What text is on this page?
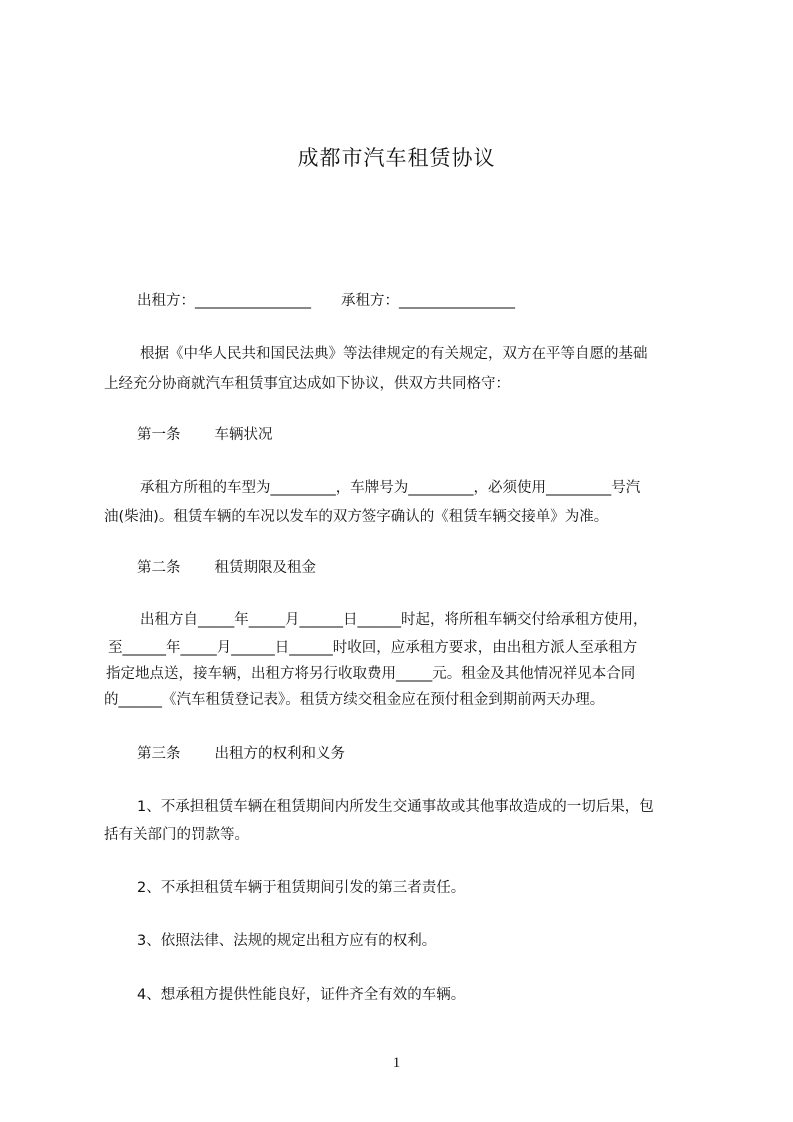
成都市汽车租赁协议
出租方：________________ 承租方：________________
根据《中华人民共和国民法典》等法律规定的有关规定，双方在平等自愿的基础
上经充分协商就汽车租赁事宜达成如下协议，供双方共同格守：
第一条 车辆状况
承租方所租的车型为_________，车牌号为_________，必须使用_________号汽
油(柴油)。租赁车辆的车况以发车的双方签字确认的《租赁车辆交接单》为准。
第二条 租赁期限及租金
出租方自_____年_____月______日______时起，将所租车辆交付给承租方使用，
至______年_____月______日______时收回，应承租方要求，由出租方派人至承租方
指定地点送，接车辆，出租方将另行收取费用_____元。租金及其他情况祥见本合同
的______《汽车租赁登记表》。租赁方续交租金应在预付租金到期前两天办理。
第三条 出租方的权利和义务
1、不承担租赁车辆在租赁期间内所发生交通事故或其他事故造成的一切后果，包
括有关部门的罚款等。
2、不承担租赁车辆于租赁期间引发的第三者责任。
3、依照法律、法规的规定出租方应有的权利。
4、想承租方提供性能良好，证件齐全有效的车辆。
1
